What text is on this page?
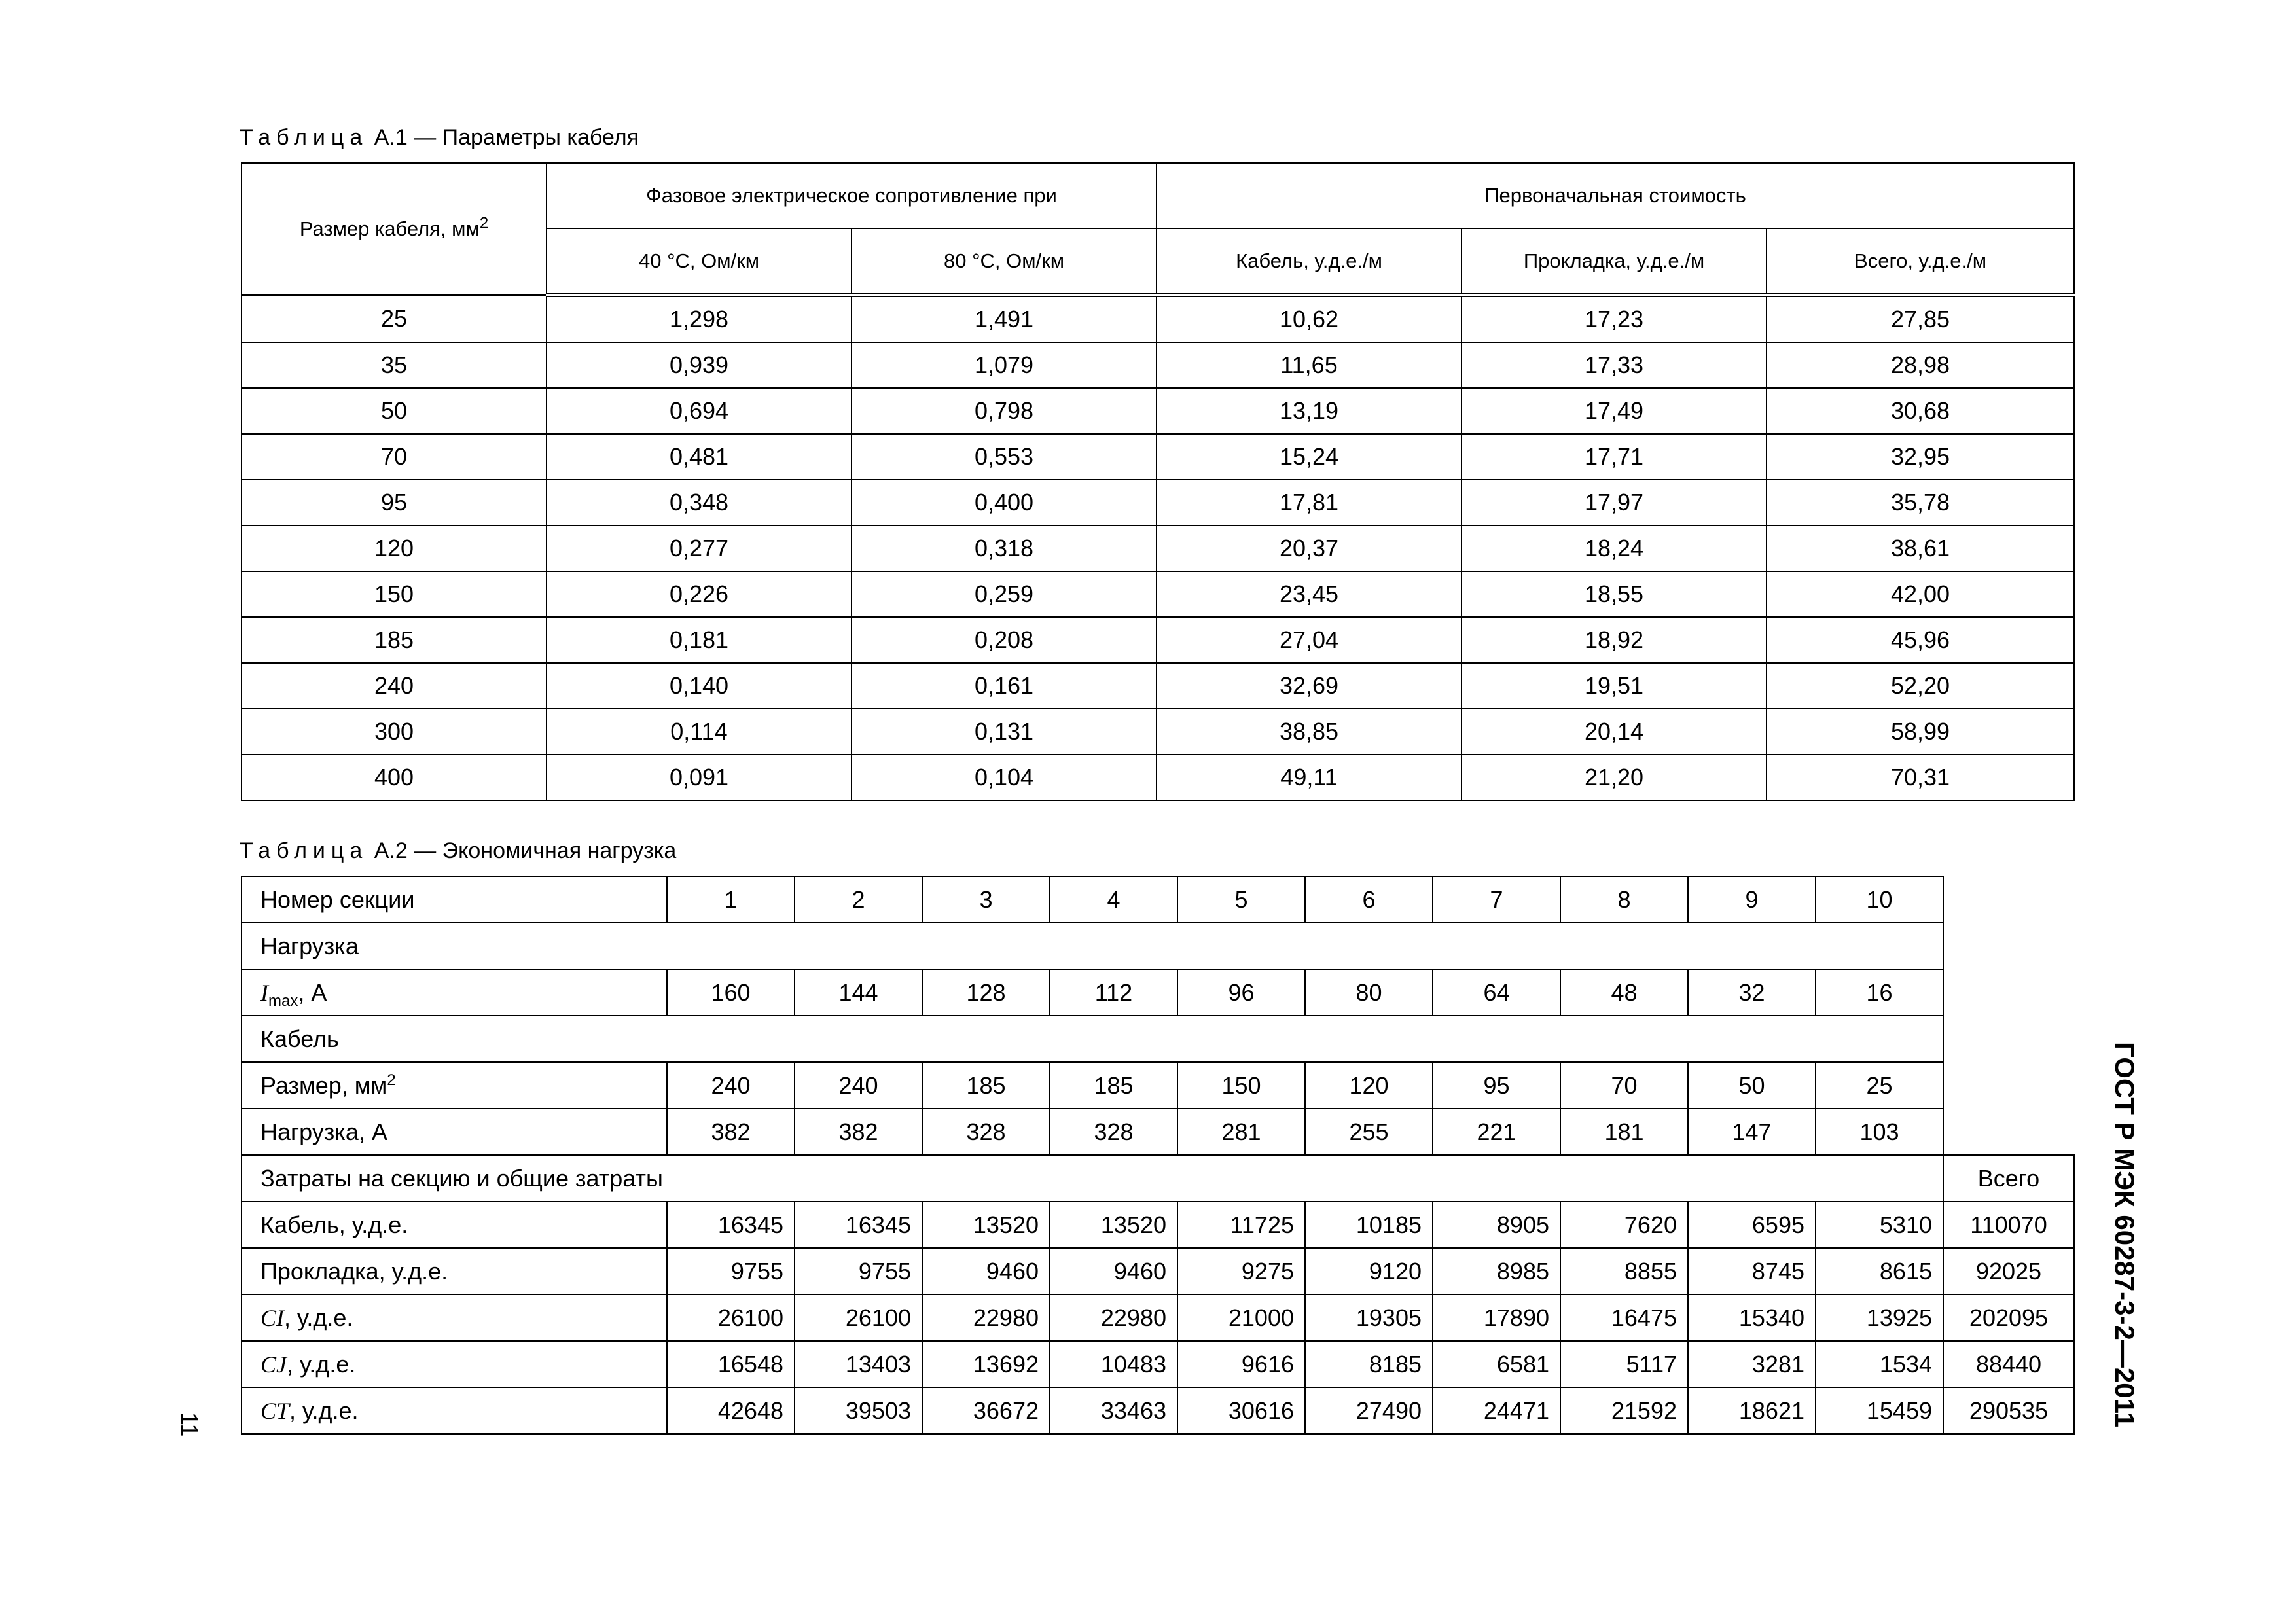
Таблица А.1 — Параметры кабеля
Размер кабеля, $мм^2$	Фазовое электрическое сопротивление при		Первоначальная стоимость		
	40 °С, Ом/км	80 °С, Ом/км	Кабель, у.д.е./м	Прокладка, у.д.е./м	Всего, у.д.е./м
25	1,298	1,491	10,62	17,23	27,85
35	0,939	1,079	11,65	17,33	28,98
50	0,694	0,798	13,19	17,49	30,68
70	0,481	0,553	15,24	17,71	32,95
95	0,348	0,400	17,81	17,97	35,78
120	0,277	0,318	20,37	18,24	38,61
150	0,226	0,259	23,45	18,55	42,00
185	0,181	0,208	27,04	18,92	45,96
240	0,140	0,161	32,69	19,51	52,20
300	0,114	0,131	38,85	20,14	58,99
400	0,091	0,104	49,11	21,20	70,31
Таблица А.2 — Экономичная нагрузка
Номер секции	1	2	3	4	5	6	7	8	9	10	
Нагрузка											
$I_{max}$, А	160	144	128	112	96	80	64	48	32	16	
Кабель											
Размер, $мм^2$	240	240	185	185	150	120	95	70	50	25	
Нагрузка, А	382	382	328	328	281	255	221	181	147	103	
Затраты на секцию и общие затраты											Всего
Кабель, у.д.е.	16345	16345	13520	13520	11725	10185	8905	7620	6595	5310	110070
Прокладка, у.д.е.	9755	9755	9460	9460	9275	9120	8985	8855	8745	8615	92025
CI, у.д.е.	26100	26100	22980	22980	21000	19305	17890	16475	15340	13925	202095
CJ, у.д.е.	16548	13403	13692	10483	9616	8185	6581	5117	3281	1534	88440
CT, у.д.е.	42648	39503	36672	33463	30616	27490	24471	21592	18621	15459	290535 ГОСТ Р МЭК 60287-3-2—2011
11
